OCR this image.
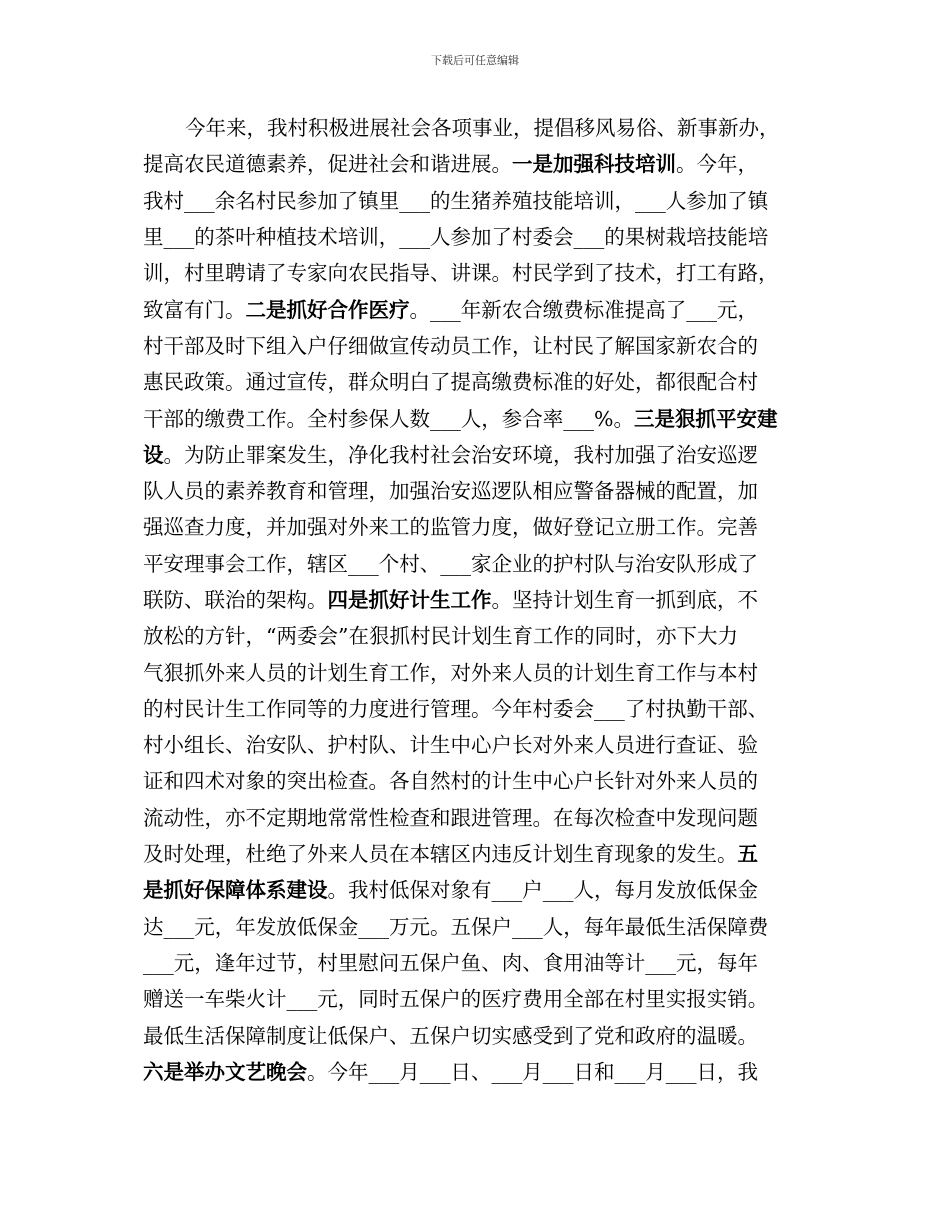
下载后可任意编辑
今年来，我村积极进展社会各项事业，提倡移风易俗、新事新办，
提高农民道德素养，促进社会和谐进展。 一是加强科技培训 。今年，
我村___余名村民参加了镇里___的生猪养殖技能培训，___人参加了镇
里___的茶叶种植技术培训，___人参加了村委会___的果树栽培技能培
训，村里聘请了专家向农民指导、讲课。村民学到了技术，打工有路，
致富有门。 二是抓好合作医疗 。___年新农合缴费标准提高了___元，
村干部及时下组入户仔细做宣传动员工作，让村民了解国家新农合的
惠民政策。通过宣传，群众明白了提高缴费标准的好处，都很配合村
干部的缴费工作。全村参保人数___人，参合率___%。 三是狠抓平安建
设 。为防止罪案发生，净化我村社会治安环境，我村加强了治安巡逻
队人员的素养教育和管理，加强治安巡逻队相应警备器械的配置，加
强巡查力度，并加强对外来工的监管力度，做好登记立册工作。完善
平安理事会工作，辖区___个村、___家企业的护村队与治安队形成了
联防、联治的架构。 四是抓好计生工作 。坚持计划生育一抓到底，不
放松的方针，“两委会”在狠抓村民计划生育工作的同时，亦下大力
气狠抓外来人员的计划生育工作，对外来人员的计划生育工作与本村
的村民计生工作同等的力度进行管理。今年村委会___了村执勤干部、
村小组长、治安队、护村队、计生中心户长对外来人员进行查证、验
证和四术对象的突出检查。各自然村的计生中心户长针对外来人员的
流动性，亦不定期地常常性检查和跟进管理。在每次检查中发现问题
及时处理，杜绝了外来人员在本辖区内违反计划生育现象的发生。 五
是抓好保障体系建设 。我村低保对象有___户___人，每月发放低保金
达___元，年发放低保金___万元。五保户___人，每年最低生活保障费
___元，逢年过节，村里慰问五保户鱼、肉、食用油等计___元，每年
赠送一车柴火计___元，同时五保户的医疗费用全部在村里实报实销。
最低生活保障制度让低保户、五保户切实感受到了党和政府的温暖。
六是举办文艺晚会 。今年___月___日、___月___日和___月___日，我
